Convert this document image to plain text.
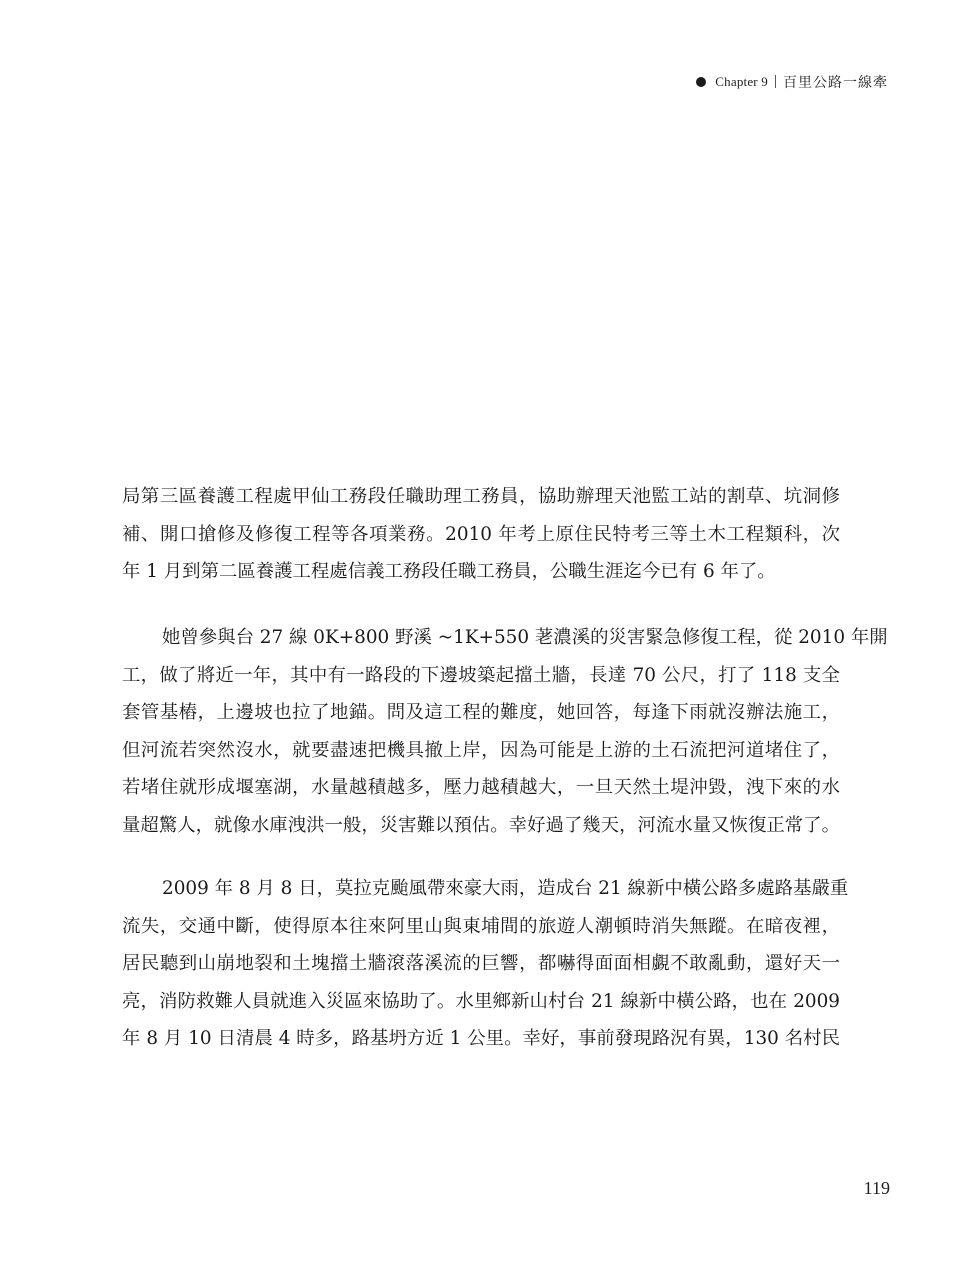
Chapter 9 | 百里公路一線牽
局第三區養護工程處甲仙工務段任職助理工務員，協助辦理天池監工站的割草、坑洞修
補、開口搶修及修復工程等各項業務。2010 年考上原住民特考三等土木工程類科，次
年 1 月到第二區養護工程處信義工務段任職工務員，公職生涯迄今已有 6 年了。
她曾參與台 27 線 0K+800 野溪 ~1K+550 荖濃溪的災害緊急修復工程，從 2010 年開
工，做了將近一年，其中有一路段的下邊坡築起擋土牆，長達 70 公尺，打了 118 支全
套管基樁，上邊坡也拉了地錨。問及這工程的難度，她回答，每逢下雨就沒辦法施工，
但河流若突然沒水，就要盡速把機具撤上岸，因為可能是上游的土石流把河道堵住了，
若堵住就形成堰塞湖，水量越積越多，壓力越積越大，一旦天然土堤沖毀，洩下來的水
量超驚人，就像水庫洩洪一般，災害難以預估。幸好過了幾天，河流水量又恢復正常了。
2009 年 8 月 8 日，莫拉克颱風帶來豪大雨，造成台 21 線新中橫公路多處路基嚴重
流失，交通中斷，使得原本往來阿里山與東埔間的旅遊人潮頓時消失無蹤。在暗夜裡，
居民聽到山崩地裂和土塊擋土牆滾落溪流的巨響，都嚇得面面相覷不敢亂動，還好天一
亮，消防救難人員就進入災區來協助了。水里鄉新山村台 21 線新中橫公路，也在 2009
年 8 月 10 日清晨 4 時多，路基坍方近 1 公里。幸好，事前發現路況有異，130 名村民
119
